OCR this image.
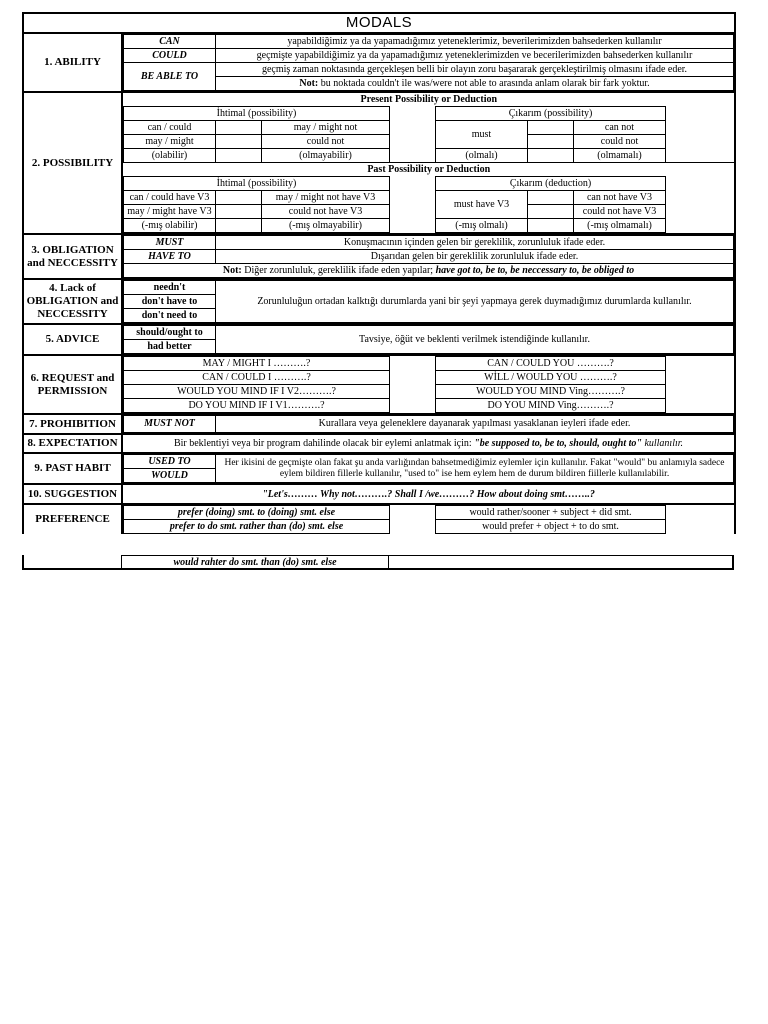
MODALS
1. ABILITY	
CAN	yapabildiğimiz ya da yapamadığımız yeteneklerimiz, beverilerimizden bahsederken kullanılır
COULD	geçmişte yapabildiğimiz ya da yapamadığımız yeteneklerimizden ve becerilerimizden bahsederken kullanılır
BE ABLE TO	geçmiş zaman noktasında gerçekleşen belli bir olayın zoru başararak gerçekleştirilmiş olmasını ifade eder.
Not: bu noktada couldn't ile was/were not able to arasında anlam olarak bir fark yoktur.

2. POSSIBILITY	
Present Possibility or Deduction
İhtimal (possibility)		Çıkarım (possibility)	
can / could		may / might not		must		can not	
may / might		could not			could not	
(olabilir)		(olmayabilir)		(olmalı)		(olmamalı)	
Past Possibility or Deduction
İhtimal (possibility)		Çıkarım (deduction)	
can / could have V3		may / might not have V3		must have V3		can not have V3	
may / might have V3		could not have V3			could not have V3	
(-mış olabilir)		(-mış olmayabilir)		(-mış olmalı)		(-mış olmamalı)	

3. OBLIGATION and NECCESSITY	
MUST	Konuşmacının içinden gelen bir gereklilik, zorunluluk ifade eder.
HAVE TO	Dışarıdan gelen bir gereklilik zorunluluk ifade eder.
Not: Diğer zorunluluk, gereklilik ifade eden yapılar; have got to, be to, be neccessary to, be obliged to

4. Lack of OBLIGATION and NECCESSITY	
needn't	Zorunluluğun ortadan kalktığı durumlarda yani bir şeyi yapmaya gerek duymadığımız durumlarda kullanılır.
don't have to
don't need to

5. ADVICE	
should/ought to	Tavsiye, öğüt ve beklenti verilmek istendiğinde kullanılır.
had better

6. REQUEST and PERMISSION	
MAY / MIGHT I ……….?		CAN / COULD YOU ……….?	
CAN / COULD I ……….?		WİLL / WOULD YOU ……….?	
WOULD YOU MIND IF I V2……….?		WOULD YOU MIND Ving……….?	
DO YOU MIND IF I V1……….?		DO YOU MIND Ving……….?	

7. PROHIBITION		MUST NOT	Kurallara veya geleneklere dayanarak yapılması yasaklanan ieyleri ifade eder.

8. EXPECTATION	Bir beklentiyi veya bir program dahilinde olacak bir eylemi anlatmak için: "be supposed to, be to, should, ought to" kullanılır.
9. PAST HABIT	
USED TO	Her ikisini de geçmişte olan fakat şu anda varlığından bahsetmediğimiz eylemler için kullanılır. Fakat "would" bu anlamıyla sadece eylem bildiren fillerle kullanılır, "used to" ise hem eylem hem de durum bildiren fiillerle kullanılabilir.
WOULD

10. SUGGESTION	"Let's……… Why not……….? Shall I /we………? How about doing smt……..?
PREFERENCE	
prefer (doing) smt. to (doing) smt. else		would rather/sooner + subject + did smt.	
prefer to do smt. rather than (do) smt. else		would prefer + object + to do smt.	
would rahter do smt. than (do) smt. else
